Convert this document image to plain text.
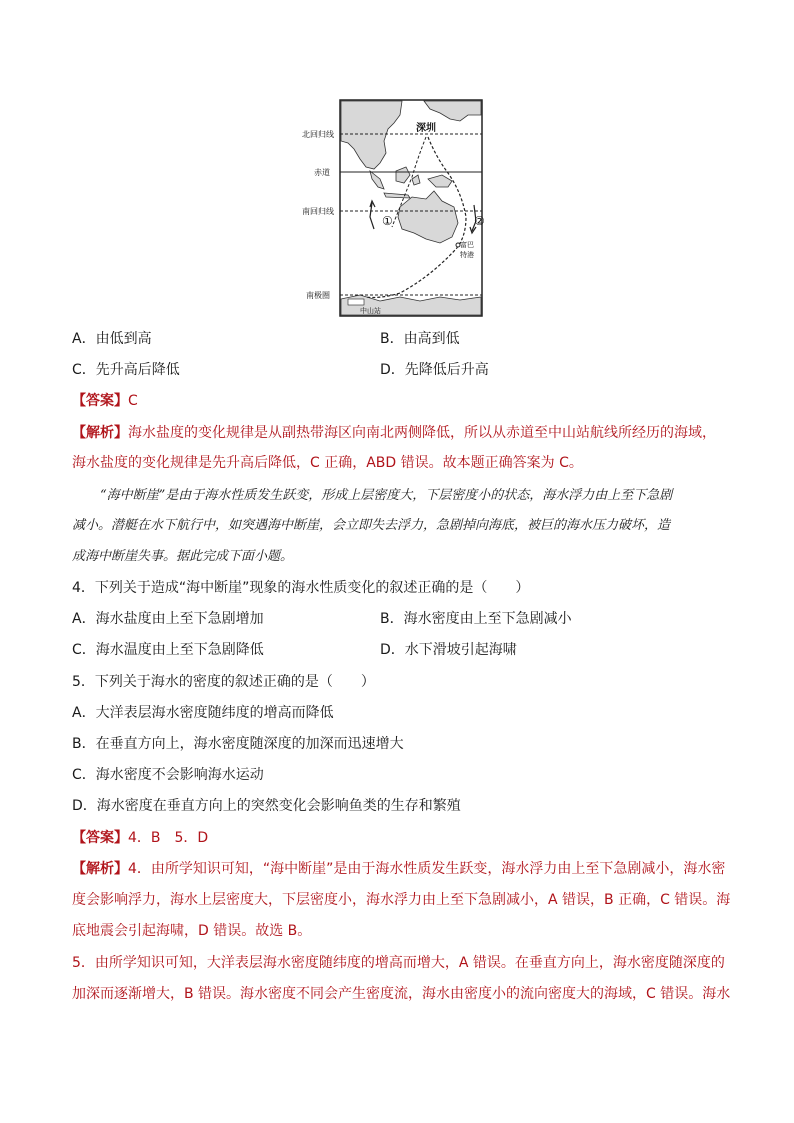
北回归线
赤道
南回归线
南极圈
深圳
富巴
特港
中山站
①	②
A．由低到高	B．由高到低
C．先升高后降低	D．先降低后升高
【答案】C
【解析】海水盐度的变化规律是从副热带海区向南北两侧降低，所以从赤道至中山站航线所经历的海域，
海水盐度的变化规律是先升高后降低，C 正确，ABD 错误。故本题正确答案为 C。
“海中断崖”是由于海水性质发生跃变，形成上层密度大，下层密度小的状态，海水浮力由上至下急剧
减小。潜艇在水下航行中，如突遇海中断崖，会立即失去浮力，急剧掉向海底，被巨的海水压力破坏，造
成海中断崖失事。据此完成下面小题。
4．下列关于造成“海中断崖”现象的海水性质变化的叙述正确的是（　　）
A．海水盐度由上至下急剧增加	B．海水密度由上至下急剧减小
C．海水温度由上至下急剧降低	D．水下滑坡引起海啸
5．下列关于海水的密度的叙述正确的是（　　）
A．大洋表层海水密度随纬度的增高而降低
B．在垂直方向上，海水密度随深度的加深而迅速增大
C．海水密度不会影响海水运动
D．海水密度在垂直方向上的突然变化会影响鱼类的生存和繁殖
【答案】4．B　5．D
【解析】4．由所学知识可知，“海中断崖”是由于海水性质发生跃变，海水浮力由上至下急剧减小，海水密
度会影响浮力，海水上层密度大，下层密度小，海水浮力由上至下急剧减小，A 错误，B 正确，C 错误。海
底地震会引起海啸，D 错误。故选 B。
5．由所学知识可知，大洋表层海水密度随纬度的增高而增大，A 错误。在垂直方向上，海水密度随深度的
加深而逐渐增大，B 错误。海水密度不同会产生密度流，海水由密度小的流向密度大的海域，C 错误。海水
